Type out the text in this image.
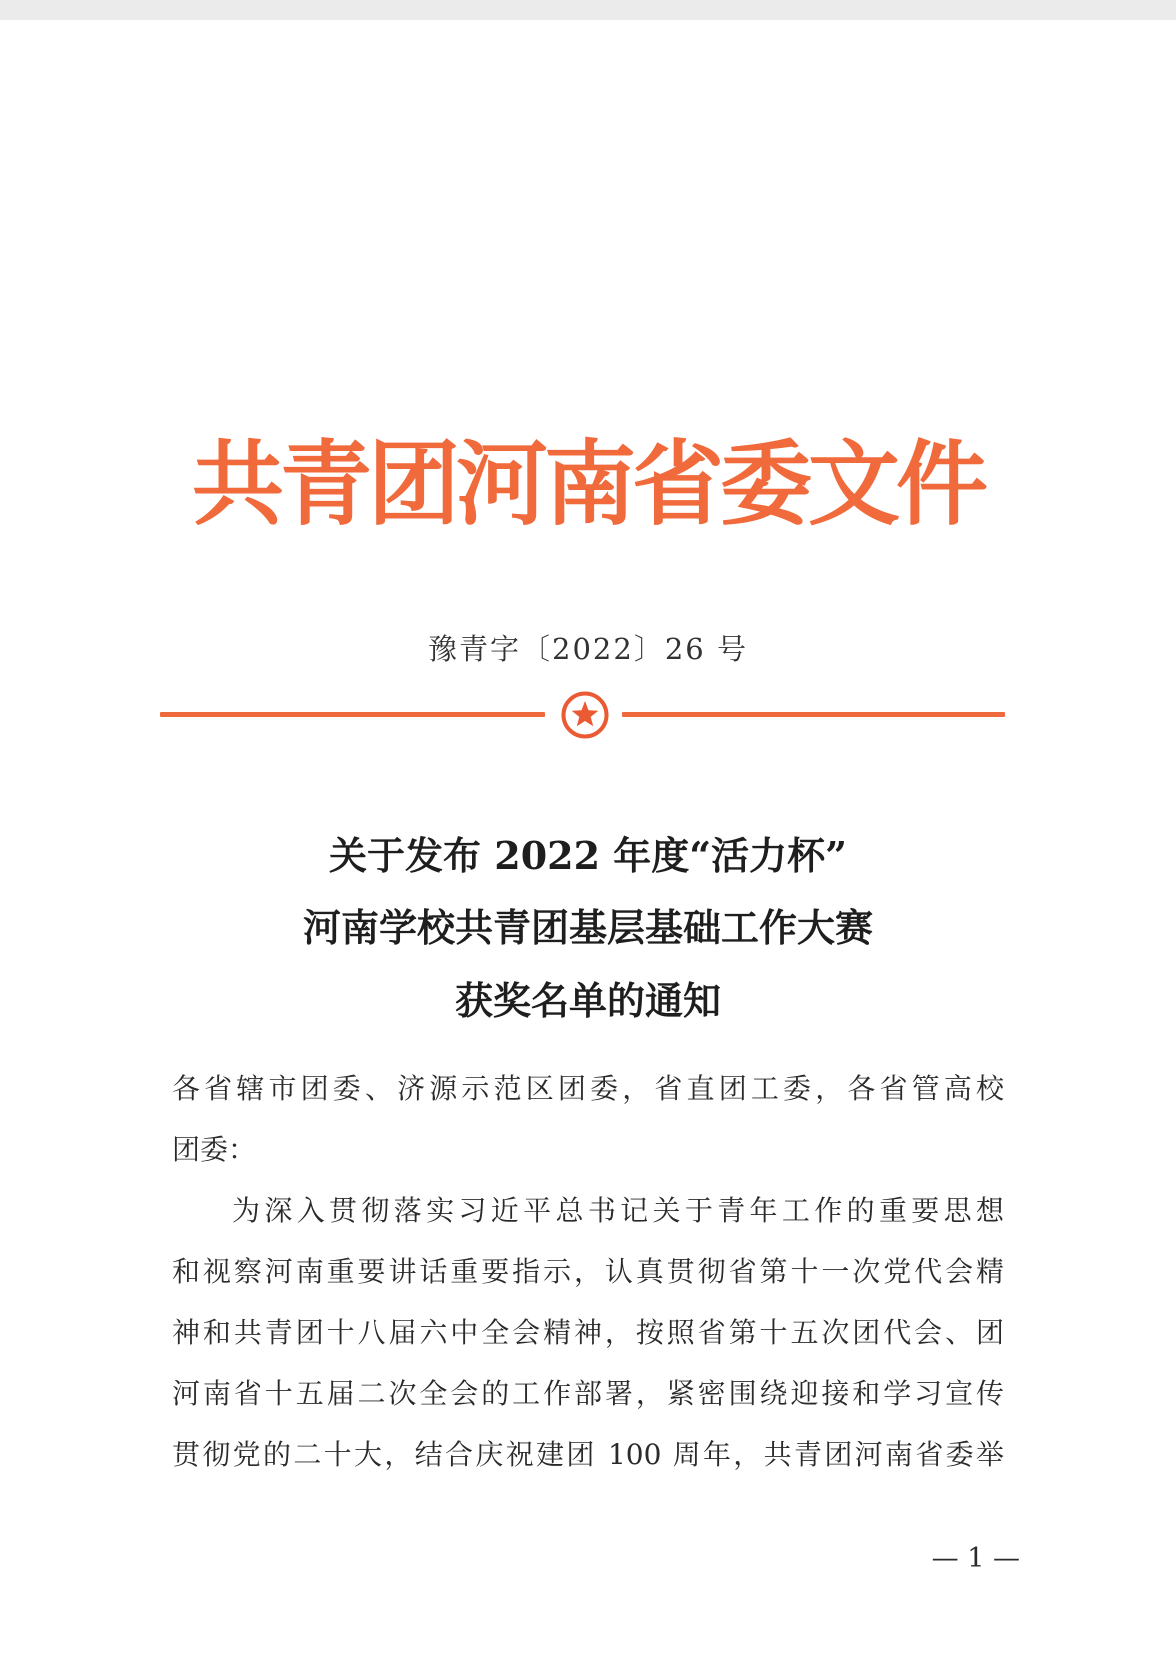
共青团河南省委文件
豫青字〔2022〕26 号
关于发布 2022 年度“活力杯”
河南学校共青团基层基础工作大赛
获奖名单的通知
各省辖市团委、济源示范区团委，省直团工委，各省管高校
团委：
为深入贯彻落实习近平总书记关于青年工作的重要思想
和视察河南重要讲话重要指示，认真贯彻省第十一次党代会精
神和共青团十八届六中全会精神，按照省第十五次团代会、团
河南省十五届二次全会的工作部署，紧密围绕迎接和学习宣传
贯彻党的二十大，结合庆祝建团 100 周年，共青团河南省委举
— 1 —
